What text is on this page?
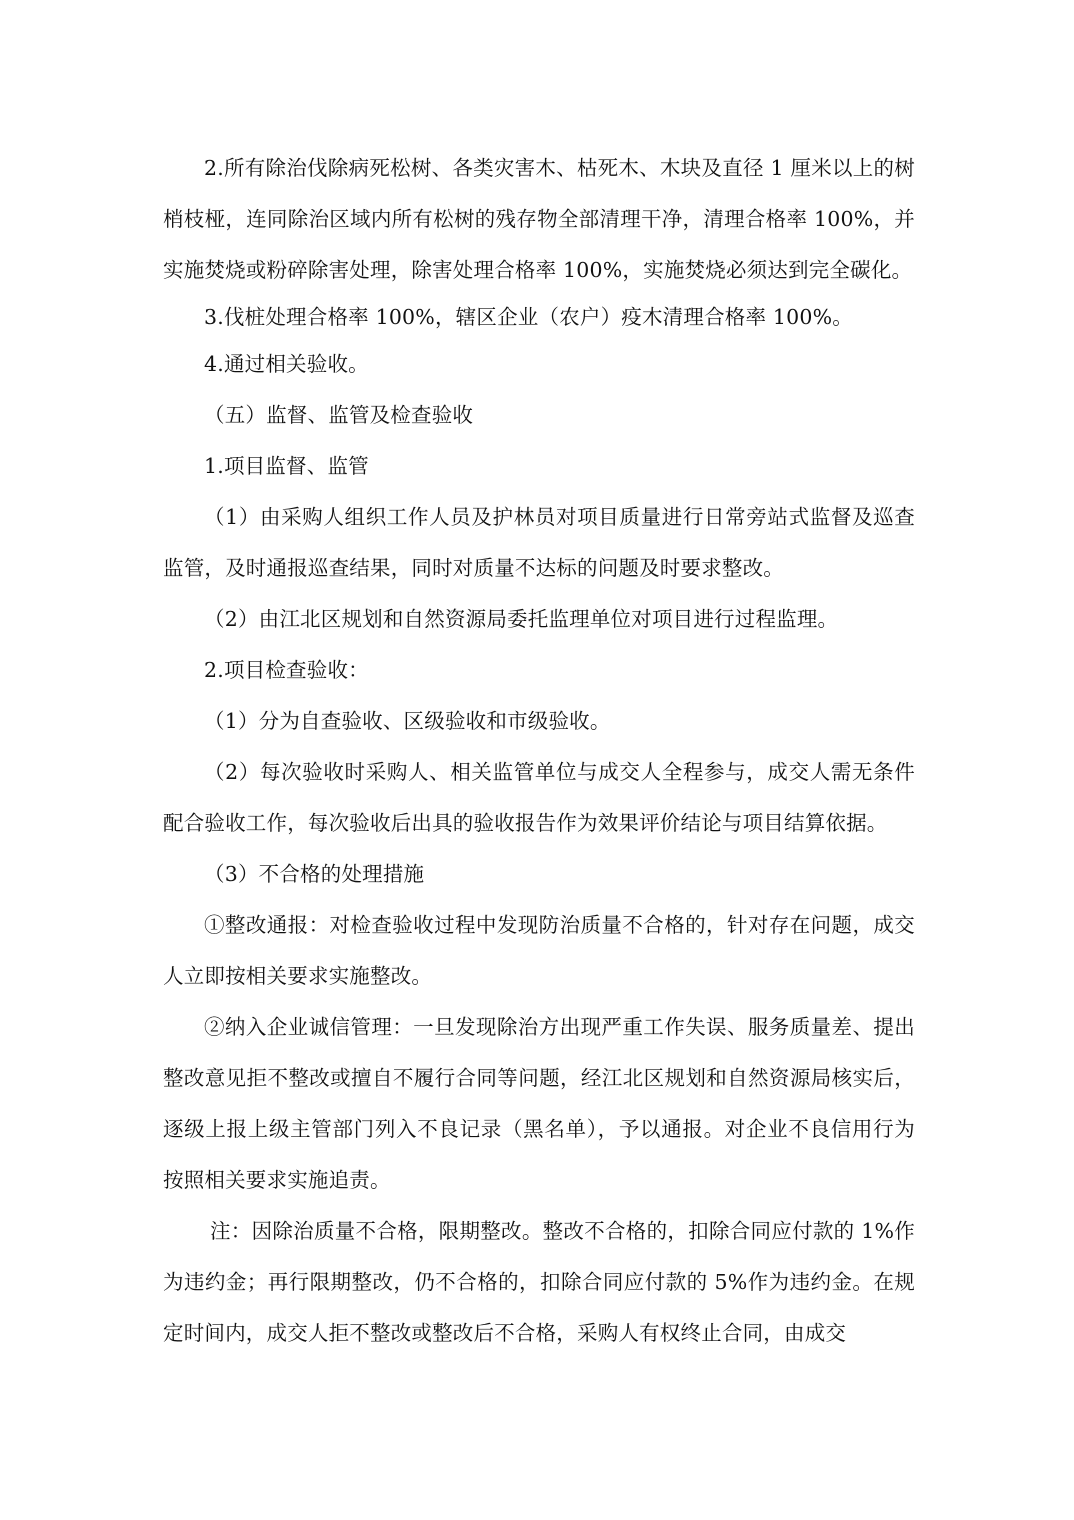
2.所有除治伐除病死松树、各类灾害木、枯死木、木块及直径 1 厘米以上的树梢枝桠，连同除治区域内所有松树的残存物全部清理干净，清理合格率 100%，并实施焚烧或粉碎除害处理，除害处理合格率 100%，实施焚烧必须达到完全碳化。

3.伐桩处理合格率 100%，辖区企业（农户）疫木清理合格率 100%。

4.通过相关验收。

（五）监督、监管及检查验收

1.项目监督、监管

（1）由采购人组织工作人员及护林员对项目质量进行日常旁站式监督及巡查监管，及时通报巡查结果，同时对质量不达标的问题及时要求整改。

（2）由江北区规划和自然资源局委托监理单位对项目进行过程监理。

2.项目检查验收：

（1）分为自查验收、区级验收和市级验收。

（2）每次验收时采购人、相关监管单位与成交人全程参与，成交人需无条件配合验收工作，每次验收后出具的验收报告作为效果评价结论与项目结算依据。

（3）不合格的处理措施

①整改通报：对检查验收过程中发现防治质量不合格的，针对存在问题，成交人立即按相关要求实施整改。

②纳入企业诚信管理：一旦发现除治方出现严重工作失误、服务质量差、提出整改意见拒不整改或擅自不履行合同等问题，经江北区规划和自然资源局核实后，逐级上报上级主管部门列入不良记录（黑名单），予以通报。对企业不良信用行为按照相关要求实施追责。

注：因除治质量不合格，限期整改。整改不合格的，扣除合同应付款的 1%作为违约金；再行限期整改，仍不合格的，扣除合同应付款的 5%作为违约金。在规定时间内，成交人拒不整改或整改后不合格，采购人有权终止合同，由成交
